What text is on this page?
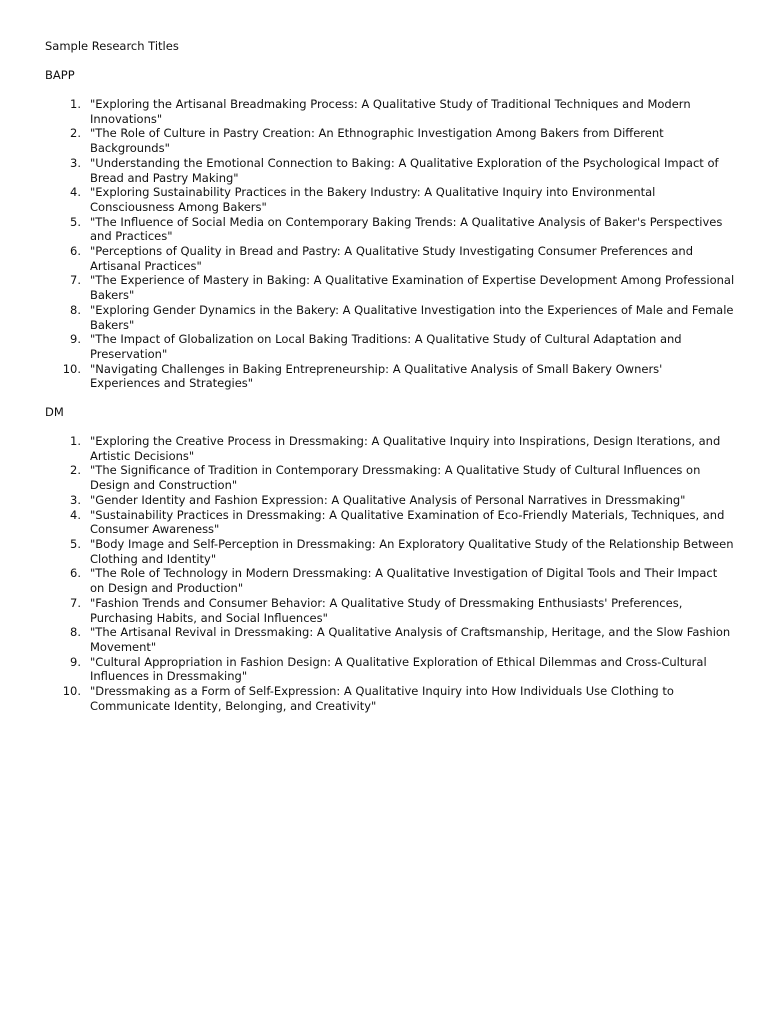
Sample Research Titles
BAPP
1. "Exploring the Artisanal Breadmaking Process: A Qualitative Study of Traditional Techniques and Modern Innovations"
2. "The Role of Culture in Pastry Creation: An Ethnographic Investigation Among Bakers from Different Backgrounds"
3. "Understanding the Emotional Connection to Baking: A Qualitative Exploration of the Psychological Impact of Bread and Pastry Making"
4. "Exploring Sustainability Practices in the Bakery Industry: A Qualitative Inquiry into Environmental Consciousness Among Bakers"
5. "The Influence of Social Media on Contemporary Baking Trends: A Qualitative Analysis of Baker's Perspectives and Practices"
6. "Perceptions of Quality in Bread and Pastry: A Qualitative Study Investigating Consumer Preferences and Artisanal Practices"
7. "The Experience of Mastery in Baking: A Qualitative Examination of Expertise Development Among Professional Bakers"
8. "Exploring Gender Dynamics in the Bakery: A Qualitative Investigation into the Experiences of Male and Female Bakers"
9. "The Impact of Globalization on Local Baking Traditions: A Qualitative Study of Cultural Adaptation and Preservation"
10. "Navigating Challenges in Baking Entrepreneurship: A Qualitative Analysis of Small Bakery Owners' Experiences and Strategies"
DM
1. "Exploring the Creative Process in Dressmaking: A Qualitative Inquiry into Inspirations, Design Iterations, and Artistic Decisions"
2. "The Significance of Tradition in Contemporary Dressmaking: A Qualitative Study of Cultural Influences on Design and Construction"
3. "Gender Identity and Fashion Expression: A Qualitative Analysis of Personal Narratives in Dressmaking"
4. "Sustainability Practices in Dressmaking: A Qualitative Examination of Eco-Friendly Materials, Techniques, and Consumer Awareness"
5. "Body Image and Self-Perception in Dressmaking: An Exploratory Qualitative Study of the Relationship Between Clothing and Identity"
6. "The Role of Technology in Modern Dressmaking: A Qualitative Investigation of Digital Tools and Their Impact on Design and Production"
7. "Fashion Trends and Consumer Behavior: A Qualitative Study of Dressmaking Enthusiasts' Preferences, Purchasing Habits, and Social Influences"
8. "The Artisanal Revival in Dressmaking: A Qualitative Analysis of Craftsmanship, Heritage, and the Slow Fashion Movement"
9. "Cultural Appropriation in Fashion Design: A Qualitative Exploration of Ethical Dilemmas and Cross-Cultural Influences in Dressmaking"
10. "Dressmaking as a Form of Self-Expression: A Qualitative Inquiry into How Individuals Use Clothing to Communicate Identity, Belonging, and Creativity"
